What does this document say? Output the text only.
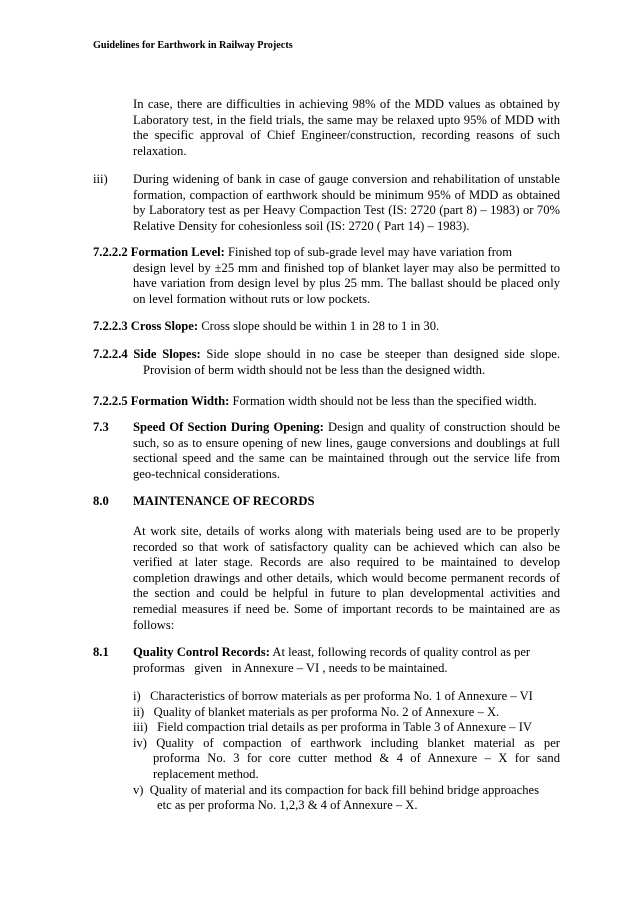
Guidelines for Earthwork in Railway Projects
In case, there are difficulties in achieving 98% of the MDD values as obtained by Laboratory test, in the field trials, the same may be relaxed upto 95% of MDD with the specific approval of Chief Engineer/construction, recording reasons of such relaxation.
iii) During widening of bank in case of gauge conversion and rehabilitation of unstable formation, compaction of earthwork should be minimum 95% of MDD as obtained by Laboratory test as per Heavy Compaction Test (IS: 2720 (part 8) – 1983) or 70% Relative Density for cohesionless soil (IS: 2720 ( Part 14) – 1983).
7.2.2.2 Formation Level: Finished top of sub-grade level may have variation from
design level by ±25 mm and finished top of blanket layer may also be permitted to have variation from design level by plus 25 mm. The ballast should be placed only on level formation without ruts or low pockets.
7.2.2.3 Cross Slope: Cross slope should be within 1 in 28 to 1 in 30.
7.2.2.4 Side Slopes: Side slope should in no case be steeper than designed side slope.
Provision of berm width should not be less than the designed width.
7.2.2.5 Formation Width: Formation width should not be less than the specified width.
7.3 Speed Of Section During Opening: Design and quality of construction should be such, so as to ensure opening of new lines, gauge conversions and doublings at full sectional speed and the same can be maintained through out the service life from geo-technical considerations.
8.0 MAINTENANCE OF RECORDS
At work site, details of works along with materials being used are to be properly recorded so that work of satisfactory quality can be achieved which can also be verified at later stage. Records are also required to be maintained to develop completion drawings and other details, which would become permanent records of the section and could be helpful in future to plan developmental activities and remedial measures if need be. Some of important records to be maintained are as follows:
8.1 Quality Control Records: At least, following records of quality control as per
proformas   given   in Annexure – VI , needs to be maintained.
i) Characteristics of borrow materials as per proforma No. 1 of Annexure – VI
ii) Quality of blanket materials as per proforma No. 2 of Annexure – X.
iii) Field compaction trial details as per proforma in Table 3 of Annexure – IV
iv) Quality of compaction of earthwork including blanket material as per
proforma No. 3 for core cutter method & 4 of Annexure – X for sand replacement method.
v) Quality of material and its compaction for back fill behind bridge approaches
etc as per proforma No. 1,2,3 & 4 of Annexure – X.
